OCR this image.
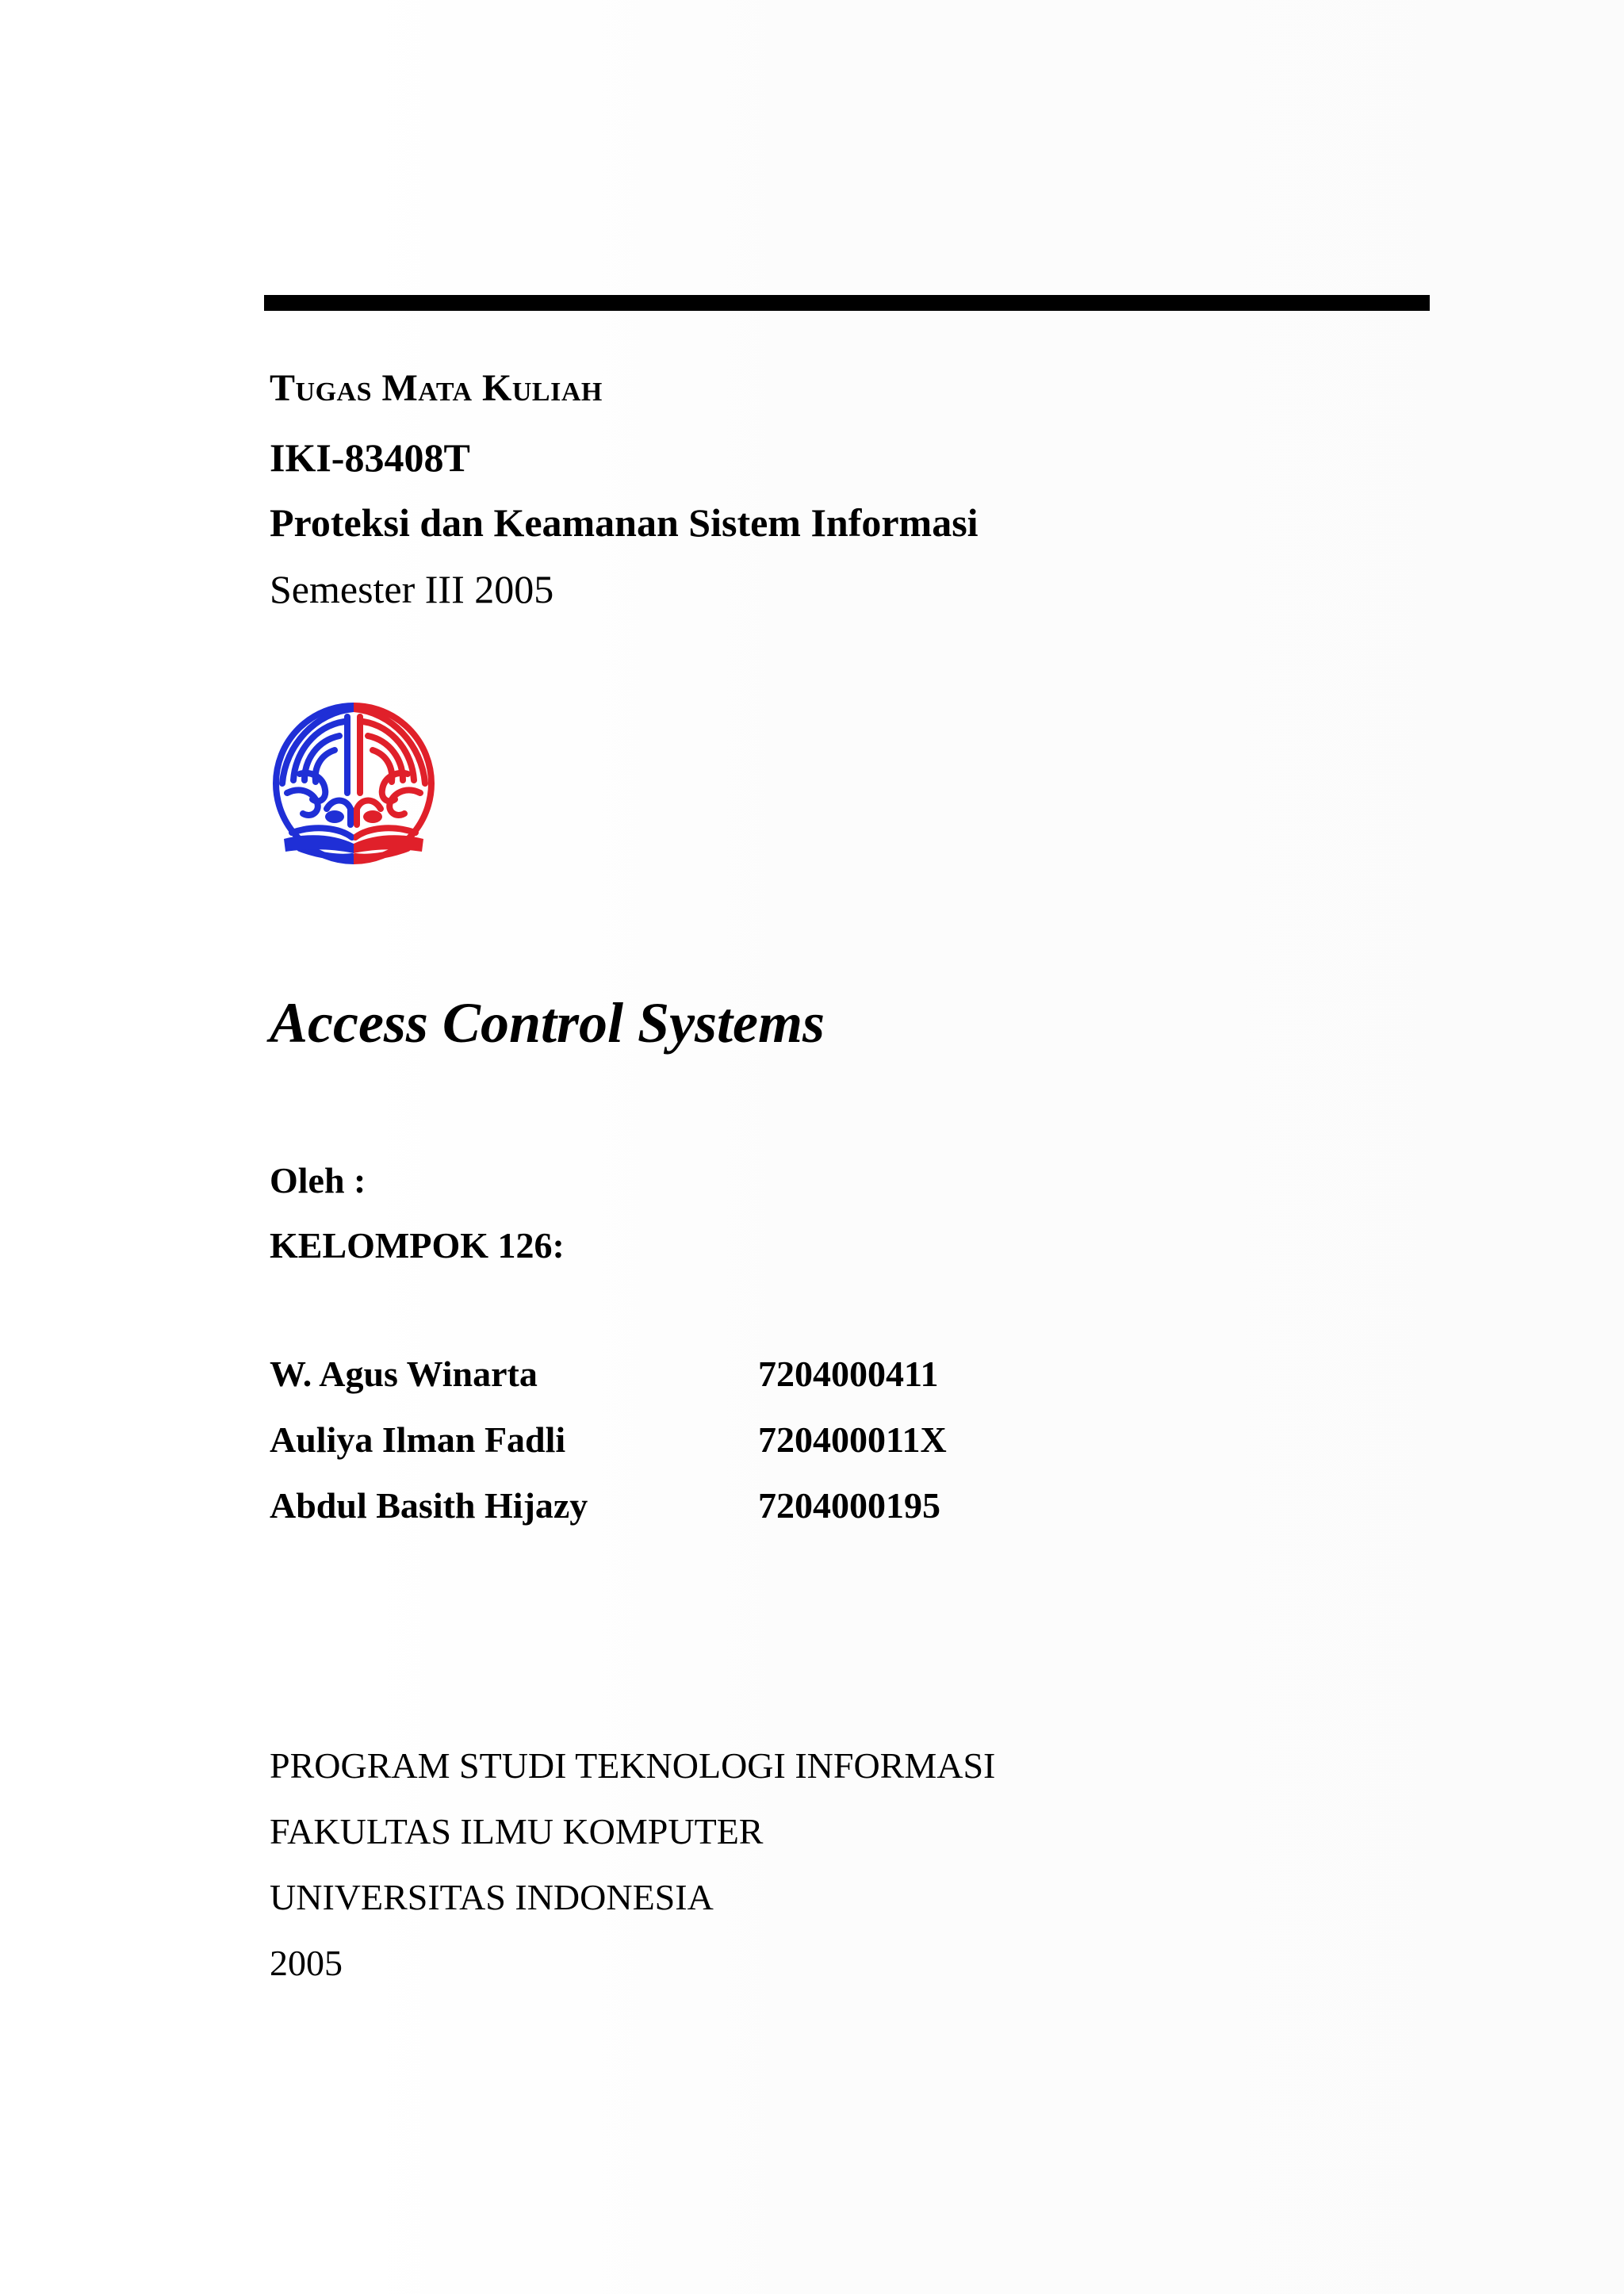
Tugas Mata Kuliah
IKI-83408T
Proteksi dan Keamanan Sistem Informasi
Semester III 2005
Access Control Systems
Oleh :
KELOMPOK 126:
W. Agus Winarta	7204000411
Auliya Ilman Fadli	720400011X
Abdul Basith Hijazy	7204000195
PROGRAM STUDI TEKNOLOGI INFORMASI
FAKULTAS ILMU KOMPUTER
UNIVERSITAS INDONESIA
2005
